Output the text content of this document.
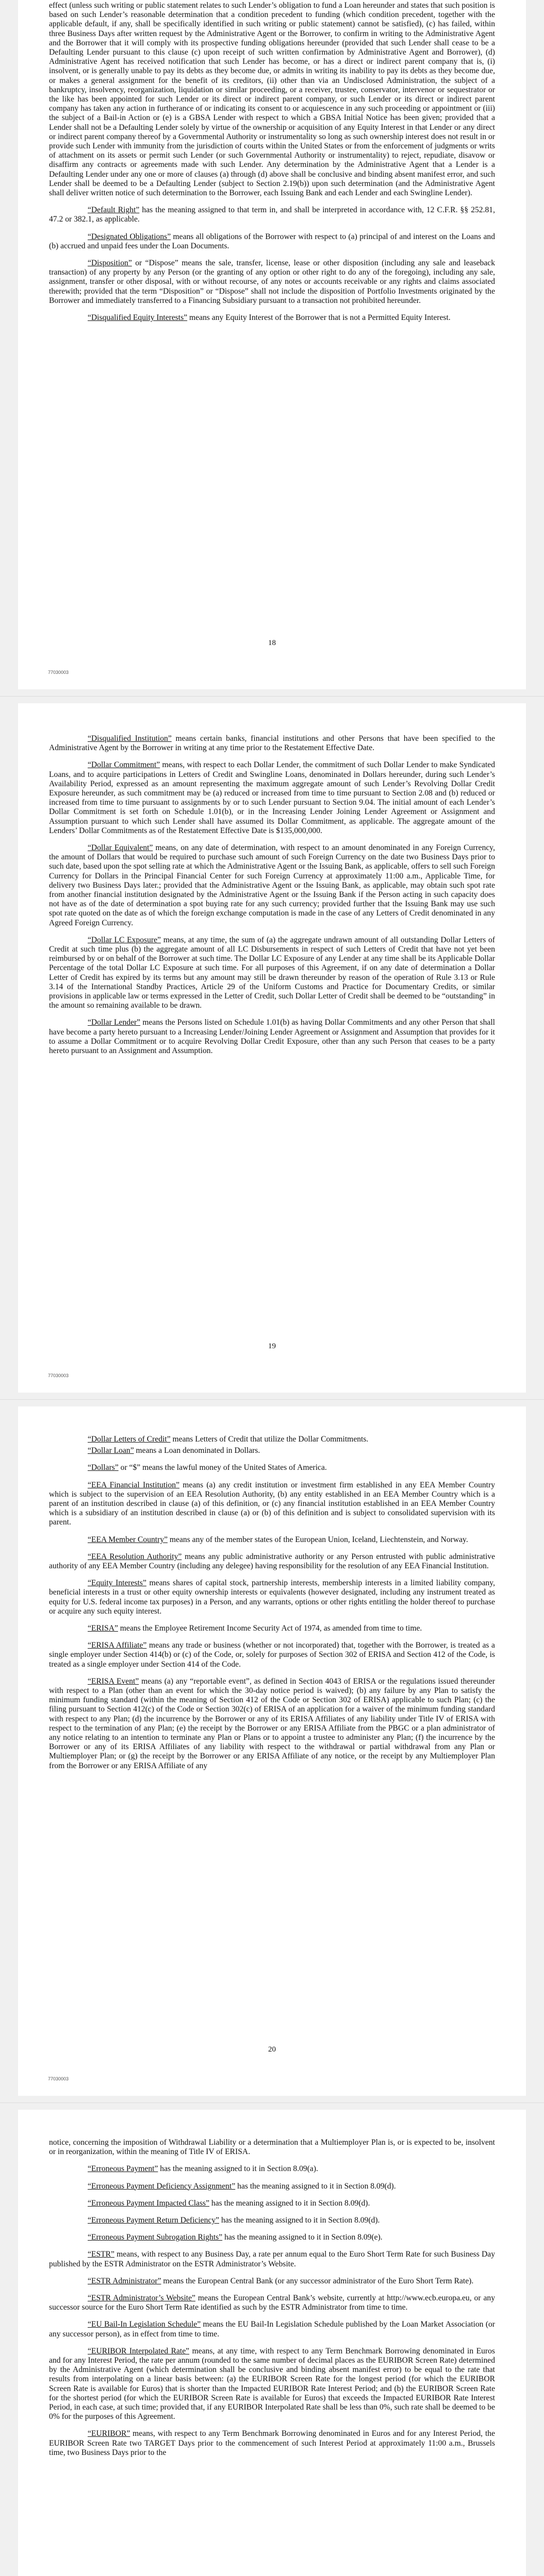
effect (unless such writing or public statement relates to such Lender’s obligation to fund a Loan hereunder and states that such position is based on such Lender’s reasonable determination that a condition precedent to funding (which condition precedent, together with the applicable default, if any, shall be specifically identified in such writing or public statement) cannot be satisfied), (c) has failed, within three Business Days after written request by the Administrative Agent or the Borrower, to confirm in writing to the Administrative Agent and the Borrower that it will comply with its prospective funding obligations hereunder (provided that such Lender shall cease to be a Defaulting Lender pursuant to this clause (c) upon receipt of such written confirmation by Administrative Agent and Borrower), (d) Administrative Agent has received notification that such Lender has become, or has a direct or indirect parent company that is, (i) insolvent, or is generally unable to pay its debts as they become due, or admits in writing its inability to pay its debts as they become due, or makes a general assignment for the benefit of its creditors, (ii) other than via an Undisclosed Administration, the subject of a bankruptcy, insolvency, reorganization, liquidation or similar proceeding, or a receiver, trustee, conservator, intervenor or sequestrator or the like has been appointed for such Lender or its direct or indirect parent company, or such Lender or its direct or indirect parent company has taken any action in furtherance of or indicating its consent to or acquiescence in any such proceeding or appointment or (iii) the subject of a Bail-in Action or (e) is a GBSA Lender with respect to which a GBSA Initial Notice has been given; provided that a Lender shall not be a Defaulting Lender solely by virtue of the ownership or acquisition of any Equity Interest in that Lender or any direct or indirect parent company thereof by a Governmental Authority or instrumentality so long as such ownership interest does not result in or provide such Lender with immunity from the jurisdiction of courts within the United States or from the enforcement of judgments or writs of attachment on its assets or permit such Lender (or such Governmental Authority or instrumentality) to reject, repudiate, disavow or disaffirm any contracts or agreements made with such Lender. Any determination by the Administrative Agent that a Lender is a Defaulting Lender under any one or more of clauses (a) through (d) above shall be conclusive and binding absent manifest error, and such Lender shall be deemed to be a Defaulting Lender (subject to Section 2.19(b)) upon such determination (and the Administrative Agent shall deliver written notice of such determination to the Borrower, each Issuing Bank and each Lender and each Swingline Lender).

“Default Right” has the meaning assigned to that term in, and shall be interpreted in accordance with, 12 C.F.R. §§ 252.81, 47.2 or 382.1, as applicable.

“Designated Obligations” means all obligations of the Borrower with respect to (a) principal of and interest on the Loans and (b) accrued and unpaid fees under the Loan Documents.

“Disposition” or “Dispose” means the sale, transfer, license, lease or other disposition (including any sale and leaseback transaction) of any property by any Person (or the granting of any option or other right to do any of the foregoing), including any sale, assignment, transfer or other disposal, with or without recourse, of any notes or accounts receivable or any rights and claims associated therewith; provided that the term “Disposition” or “Dispose” shall not include the disposition of Portfolio Investments originated by the Borrower and immediately transferred to a Financing Subsidiary pursuant to a transaction not prohibited hereunder.

“Disqualified Equity Interests” means any Equity Interest of the Borrower that is not a Permitted Equity Interest.

18
77030003

“Disqualified Institution” means certain banks, financial institutions and other Persons that have been specified to the Administrative Agent by the Borrower in writing at any time prior to the Restatement Effective Date.

“Dollar Commitment” means, with respect to each Dollar Lender, the commitment of such Dollar Lender to make Syndicated Loans, and to acquire participations in Letters of Credit and Swingline Loans, denominated in Dollars hereunder, during such Lender’s Availability Period, expressed as an amount representing the maximum aggregate amount of such Lender’s Revolving Dollar Credit Exposure hereunder, as such commitment may be (a) reduced or increased from time to time pursuant to Section 2.08 and (b) reduced or increased from time to time pursuant to assignments by or to such Lender pursuant to Section 9.04. The initial amount of each Lender’s Dollar Commitment is set forth on Schedule 1.01(b), or in the Increasing Lender Joining Lender Agreement or Assignment and Assumption pursuant to which such Lender shall have assumed its Dollar Commitment, as applicable. The aggregate amount of the Lenders’ Dollar Commitments as of the Restatement Effective Date is $135,000,000.

“Dollar Equivalent” means, on any date of determination, with respect to an amount denominated in any Foreign Currency, the amount of Dollars that would be required to purchase such amount of such Foreign Currency on the date two Business Days prior to such date, based upon the spot selling rate at which the Administrative Agent or the Issuing Bank, as applicable, offers to sell such Foreign Currency for Dollars in the Principal Financial Center for such Foreign Currency at approximately 11:00 a.m., Applicable Time, for delivery two Business Days later.; provided that the Administrative Agent or the Issuing Bank, as applicable, may obtain such spot rate from another financial institution designated by the Administrative Agent or the Issuing Bank if the Person acting in such capacity does not have as of the date of determination a spot buying rate for any such currency; provided further that the Issuing Bank may use such spot rate quoted on the date as of which the foreign exchange computation is made in the case of any Letters of Credit denominated in any Agreed Foreign Currency.

“Dollar LC Exposure” means, at any time, the sum of (a) the aggregate undrawn amount of all outstanding Dollar Letters of Credit at such time plus (b) the aggregate amount of all LC Disbursements in respect of such Letters of Credit that have not yet been reimbursed by or on behalf of the Borrower at such time. The Dollar LC Exposure of any Lender at any time shall be its Applicable Dollar Percentage of the total Dollar LC Exposure at such time. For all purposes of this Agreement, if on any date of determination a Dollar Letter of Credit has expired by its terms but any amount may still be drawn thereunder by reason of the operation of Rule 3.13 or Rule 3.14 of the International Standby Practices, Article 29 of the Uniform Customs and Practice for Documentary Credits, or similar provisions in applicable law or terms expressed in the Letter of Credit, such Dollar Letter of Credit shall be deemed to be “outstanding” in the amount so remaining available to be drawn.

“Dollar Lender” means the Persons listed on Schedule 1.01(b) as having Dollar Commitments and any other Person that shall have become a party hereto pursuant to a Increasing Lender/Joining Lender Agreement or Assignment and Assumption that provides for it to assume a Dollar Commitment or to acquire Revolving Dollar Credit Exposure, other than any such Person that ceases to be a party hereto pursuant to an Assignment and Assumption.

19
77030003

“Dollar Letters of Credit” means Letters of Credit that utilize the Dollar Commitments.

“Dollar Loan” means a Loan denominated in Dollars.

“Dollars” or “$” means the lawful money of the United States of America.

“EEA Financial Institution” means (a) any credit institution or investment firm established in any EEA Member Country which is subject to the supervision of an EEA Resolution Authority, (b) any entity established in an EEA Member Country which is a parent of an institution described in clause (a) of this definition, or (c) any financial institution established in an EEA Member Country which is a subsidiary of an institution described in clause (a) or (b) of this definition and is subject to consolidated supervision with its parent.

“EEA Member Country” means any of the member states of the European Union, Iceland, Liechtenstein, and Norway.

“EEA Resolution Authority” means any public administrative authority or any Person entrusted with public administrative authority of any EEA Member Country (including any delegee) having responsibility for the resolution of any EEA Financial Institution.

“Equity Interests” means shares of capital stock, partnership interests, membership interests in a limited liability company, beneficial interests in a trust or other equity ownership interests or equivalents (however designated, including any instrument treated as equity for U.S. federal income tax purposes) in a Person, and any warrants, options or other rights entitling the holder thereof to purchase or acquire any such equity interest.

“ERISA” means the Employee Retirement Income Security Act of 1974, as amended from time to time.

“ERISA Affiliate” means any trade or business (whether or not incorporated) that, together with the Borrower, is treated as a single employer under Section 414(b) or (c) of the Code, or, solely for purposes of Section 302 of ERISA and Section 412 of the Code, is treated as a single employer under Section 414 of the Code.

“ERISA Event” means (a) any “reportable event”, as defined in Section 4043 of ERISA or the regulations issued thereunder with respect to a Plan (other than an event for which the 30-day notice period is waived); (b) any failure by any Plan to satisfy the minimum funding standard (within the meaning of Section 412 of the Code or Section 302 of ERISA) applicable to such Plan; (c) the filing pursuant to Section 412(c) of the Code or Section 302(c) of ERISA of an application for a waiver of the minimum funding standard with respect to any Plan; (d) the incurrence by the Borrower or any of its ERISA Affiliates of any liability under Title IV of ERISA with respect to the termination of any Plan; (e) the receipt by the Borrower or any ERISA Affiliate from the PBGC or a plan administrator of any notice relating to an intention to terminate any Plan or Plans or to appoint a trustee to administer any Plan; (f) the incurrence by the Borrower or any of its ERISA Affiliates of any liability with respect to the withdrawal or partial withdrawal from any Plan or Multiemployer Plan; or (g) the receipt by the Borrower or any ERISA Affiliate of any notice, or the receipt by any Multiemployer Plan from the Borrower or any ERISA Affiliate of any

20
77030003

notice, concerning the imposition of Withdrawal Liability or a determination that a Multiemployer Plan is, or is expected to be, insolvent or in reorganization, within the meaning of Title IV of ERISA.

“Erroneous Payment” has the meaning assigned to it in Section 8.09(a).

“Erroneous Payment Deficiency Assignment” has the meaning assigned to it in Section 8.09(d).

“Erroneous Payment Impacted Class” has the meaning assigned to it in Section 8.09(d).

“Erroneous Payment Return Deficiency” has the meaning assigned to it in Section 8.09(d).

“Erroneous Payment Subrogation Rights” has the meaning assigned to it in Section 8.09(e).

“ESTR” means, with respect to any Business Day, a rate per annum equal to the Euro Short Term Rate for such Business Day published by the ESTR Administrator on the ESTR Administrator’s Website.

“ESTR Administrator” means the European Central Bank (or any successor administrator of the Euro Short Term Rate).

“ESTR Administrator’s Website” means the European Central Bank’s website, currently at http://www.ecb.europa.eu, or any successor source for the Euro Short Term Rate identified as such by the ESTR Administrator from time to time.

“EU Bail-In Legislation Schedule” means the EU Bail-In Legislation Schedule published by the Loan Market Association (or any successor person), as in effect from time to time.

“EURIBOR Interpolated Rate” means, at any time, with respect to any Term Benchmark Borrowing denominated in Euros and for any Interest Period, the rate per annum (rounded to the same number of decimal places as the EURIBOR Screen Rate) determined by the Administrative Agent (which determination shall be conclusive and binding absent manifest error) to be equal to the rate that results from interpolating on a linear basis between: (a) the EURIBOR Screen Rate for the longest period (for which the EURIBOR Screen Rate is available for Euros) that is shorter than the Impacted EURIBOR Rate Interest Period; and (b) the EURIBOR Screen Rate for the shortest period (for which the EURIBOR Screen Rate is available for Euros) that exceeds the Impacted EURIBOR Rate Interest Period, in each case, at such time; provided that, if any EURIBOR Interpolated Rate shall be less than 0%, such rate shall be deemed to be 0% for the purposes of this Agreement.

“EURIBOR” means, with respect to any Term Benchmark Borrowing denominated in Euros and for any Interest Period, the EURIBOR Screen Rate two TARGET Days prior to the commencement of such Interest Period at approximately 11:00 a.m., Brussels time, two Business Days prior to the
